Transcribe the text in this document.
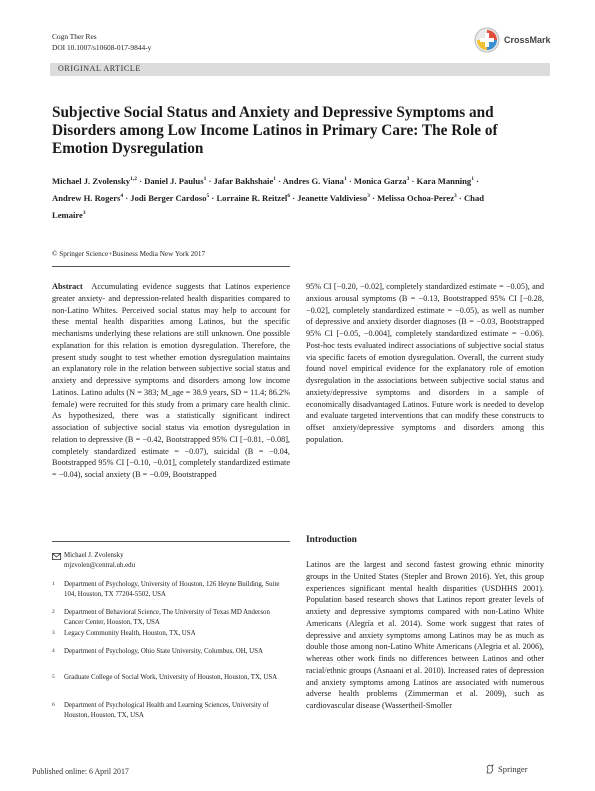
Cogn Ther Res
DOI 10.1007/s10608-017-9844-y
CrossMark
ORIGINAL ARTICLE
Subjective Social Status and Anxiety and Depressive Symptoms and Disorders among Low Income Latinos in Primary Care: The Role of Emotion Dysregulation
Michael J. Zvolensky$^{1,2}$ · Daniel J. Paulus$^1$ · Jafar Bakhshaie$^1$ · Andres G. Viana$^1$ · Monica Garza$^3$ · Kara Manning$^1$ · Andrew H. Rogers$^4$ · Jodi Berger Cardoso$^5$ · Lorraine R. Reitzel$^6$ · Jeanette Valdivieso$^3$ · Melissa Ochoa-Perez$^3$ · Chad Lemaire$^3$
© Springer Science+Business Media New York 2017
Abstract Accumulating evidence suggests that Latinos experience greater anxiety- and depression-related health disparities compared to non-Latino Whites. Perceived social status may help to account for these mental health disparities among Latinos, but the specific mechanisms underlying these relations are still unknown. One possible explanation for this relation is emotion dysregulation. Therefore, the present study sought to test whether emotion dysregulation maintains an explanatory role in the relation between subjective social status and anxiety and depressive symptoms and disorders among low income Latinos. Latino adults (N = 383; M_age = 38.9 years, SD = 11.4; 86.2% female) were recruited for this study from a primary care health clinic. As hypothesized, there was a statistically significant indirect association of subjective social status via emotion dysregulation in relation to depressive (B = −0.42, Bootstrapped 95% CI [−0.81, −0.08], completely standardized estimate = −0.07), suicidal (B = −0.04, Bootstrapped 95% CI [−0.10, −0.01], completely standardized estimate = −0.04), social anxiety (B = −0.09, Bootstrapped
95% CI [−0.20, −0.02], completely standardized estimate = −0.05), and anxious arousal symptoms (B = −0.13, Bootstrapped 95% CI [−0.28, −0.02], completely standardized estimate = −0.05), as well as number of depressive and anxiety disorder diagnoses (B = −0.03, Bootstrapped 95% CI [−0.05, −0.004], completely standardized estimate = −0.06). Post-hoc tests evaluated indirect associations of subjective social status via specific facets of emotion dysregulation. Overall, the current study found novel empirical evidence for the explanatory role of emotion dysregulation in the associations between subjective social status and anxiety/depressive symptoms and disorders in a sample of economically disadvantaged Latinos. Future work is needed to develop and evaluate targeted interventions that can modify these constructs to offset anxiety/depressive symptoms and disorders among this population.
Michael J. Zvolensky
mjzvolen@central.uh.edu
1 Department of Psychology, University of Houston, 126 Heyne Building, Suite 104, Houston, TX 77204-5502, USA
2 Department of Behavioral Science, The University of Texas MD Anderson Cancer Center, Houston, TX, USA
3 Legacy Community Health, Houston, TX, USA
4 Department of Psychology, Ohio State University, Columbus, OH, USA
5 Graduate College of Social Work, University of Houston, Houston, TX, USA
6 Department of Psychological Health and Learning Sciences, University of Houston, Houston, TX, USA
Introduction
Latinos are the largest and second fastest growing ethnic minority groups in the United States (Stepler and Brown 2016). Yet, this group experiences significant mental health disparities (USDHHS 2001). Population based research shows that Latinos report greater levels of anxiety and depressive symptoms compared with non-Latino White Americans (Alegría et al. 2014). Some work suggest that rates of depressive and anxiety symptoms among Latinos may be as much as double those among non-Latino White Americans (Alegria et al. 2006), whereas other work finds no differences between Latinos and other racial/ethnic groups (Asnaani et al. 2010). Increased rates of depression and anxiety symptoms among Latinos are associated with numerous adverse health problems (Zimmerman et al. 2009), such as cardiovascular disease (Wassertheil-Smoller
Published online: 6 April 2017	Springer
